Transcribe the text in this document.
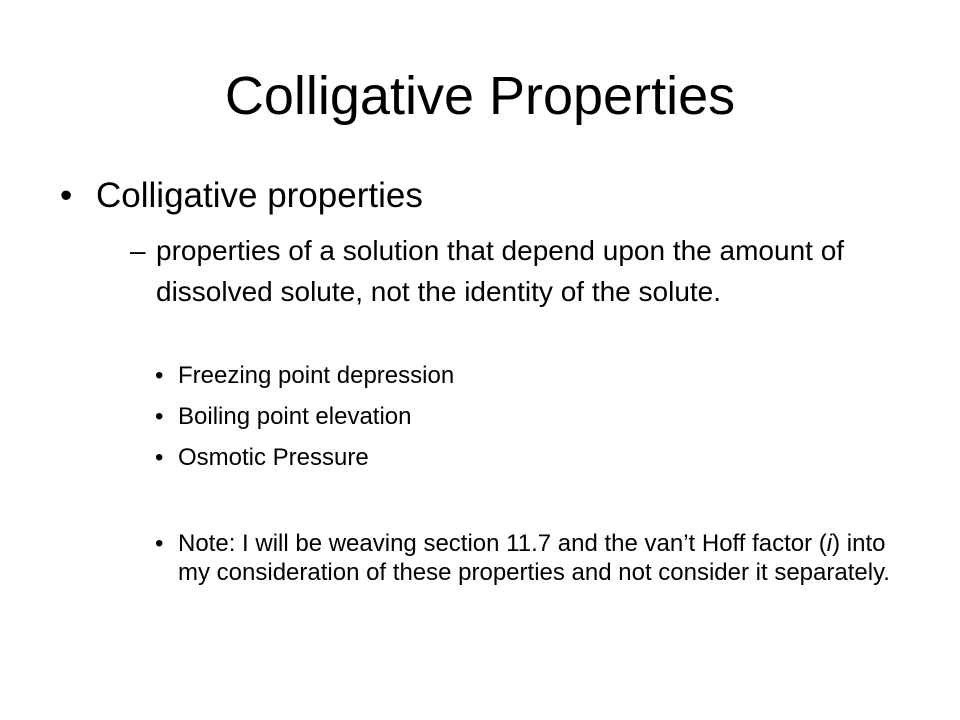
Colligative Properties
• Colligative properties
– properties of a solution that depend upon the amount of dissolved solute, not the identity of the solute.
• Freezing point depression
• Boiling point elevation
• Osmotic Pressure
• Note: I will be weaving section 11.7 and the van’t Hoff factor (i) into my consideration of these properties and not consider it separately.
